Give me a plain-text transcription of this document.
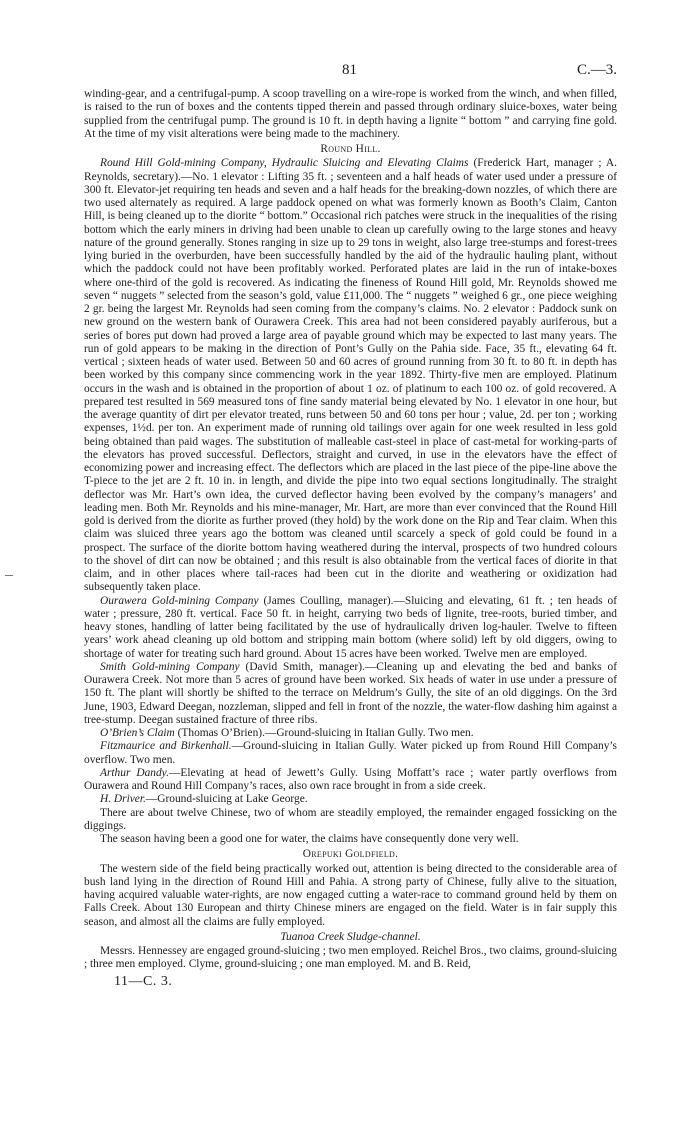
81	C.—3.

winding-gear, and a centrifugal-pump. A scoop travelling on a wire-rope is worked from the winch, and when filled, is raised to the run of boxes and the contents tipped therein and passed through ordinary sluice-boxes, water being supplied from the centrifugal pump. The ground is 10 ft. in depth having a lignite “ bottom ” and carrying fine gold. At the time of my visit alterations were being made to the machinery.

Round Hill.

Round Hill Gold-mining Company, Hydraulic Sluicing and Elevating Claims (Frederick Hart, manager ; A. Reynolds, secretary).—No. 1 elevator : Lifting 35 ft. ; seventeen and a half heads of water used under a pressure of 300 ft. Elevator-jet requiring ten heads and seven and a half heads for the breaking-down nozzles, of which there are two used alternately as required. A large paddock opened on what was formerly known as Booth’s Claim, Canton Hill, is being cleaned up to the diorite “ bottom.” Occasional rich patches were struck in the inequalities of the rising bottom which the early miners in driving had been unable to clean up carefully owing to the large stones and heavy nature of the ground generally. Stones ranging in size up to 29 tons in weight, also large tree-stumps and forest-trees lying buried in the overburden, have been successfully handled by the aid of the hydraulic hauling plant, without which the paddock could not have been profitably worked. Perforated plates are laid in the run of intake-boxes where one-third of the gold is recovered. As indicating the fineness of Round Hill gold, Mr. Reynolds showed me seven “ nuggets ” selected from the season’s gold, value £11,000. The “ nuggets ” weighed 6 gr., one piece weighing 2 gr. being the largest Mr. Reynolds had seen coming from the company’s claims. No. 2 elevator : Paddock sunk on new ground on the western bank of Ourawera Creek. This area had not been considered payably auriferous, but a series of bores put down had proved a large area of payable ground which may be expected to last many years. The run of gold appears to be making in the direction of Pont’s Gully on the Pahia side. Face, 35 ft., elevating 64 ft. vertical ; sixteen heads of water used. Between 50 and 60 acres of ground running from 30 ft. to 80 ft. in depth has been worked by this company since commencing work in the year 1892. Thirty-five men are employed. Platinum occurs in the wash and is obtained in the proportion of about 1 oz. of platinum to each 100 oz. of gold recovered. A prepared test resulted in 569 measured tons of fine sandy material being elevated by No. 1 elevator in one hour, but the average quantity of dirt per elevator treated, runs between 50 and 60 tons per hour ; value, 2d. per ton ; working expenses, 1½d. per ton. An experiment made of running old tailings over again for one week resulted in less gold being obtained than paid wages. The substitution of malleable cast-steel in place of cast-metal for working-parts of the elevators has proved successful. Deflectors, straight and curved, in use in the elevators have the effect of economizing power and increasing effect. The deflectors which are placed in the last piece of the pipe-line above the T-piece to the jet are 2 ft. 10 in. in length, and divide the pipe into two equal sections longitudinally. The straight deflector was Mr. Hart’s own idea, the curved deflector having been evolved by the company’s managers’ and leading men. Both Mr. Reynolds and his mine-manager, Mr. Hart, are more than ever convinced that the Round Hill gold is derived from the diorite as further proved (they hold) by the work done on the Rip and Tear claim. When this claim was sluiced three years ago the bottom was cleaned until scarcely a speck of gold could be found in a prospect. The surface of the diorite bottom having weathered during the interval, prospects of two hundred colours to the shovel of dirt can now be obtained ; and this result is also obtainable from the vertical faces of diorite in that claim, and in other places where tail-races had been cut in the diorite and weathering or oxidization had subsequently taken place.

Ourawera Gold-mining Company (James Coulling, manager).—Sluicing and elevating, 61 ft. ; ten heads of water ; pressure, 280 ft. vertical. Face 50 ft. in height, carrying two beds of lignite, tree-roots, buried timber, and heavy stones, handling of latter being facilitated by the use of hydraulically driven log-hauler. Twelve to fifteen years’ work ahead cleaning up old bottom and stripping main bottom (where solid) left by old diggers, owing to shortage of water for treating such hard ground. About 15 acres have been worked. Twelve men are employed.

Smith Gold-mining Company (David Smith, manager).—Cleaning up and elevating the bed and banks of Ourawera Creek. Not more than 5 acres of ground have been worked. Six heads of water in use under a pressure of 150 ft. The plant will shortly be shifted to the terrace on Meldrum’s Gully, the site of an old diggings. On the 3rd June, 1903, Edward Deegan, nozzleman, slipped and fell in front of the nozzle, the water-flow dashing him against a tree-stump. Deegan sustained fracture of three ribs.

O’Brien’s Claim (Thomas O’Brien).—Ground-sluicing in Italian Gully. Two men.

Fitzmaurice and Birkenhall.—Ground-sluicing in Italian Gully. Water picked up from Round Hill Company’s overflow. Two men.

Arthur Dandy.—Elevating at head of Jewett’s Gully. Using Moffatt’s race ; water partly overflows from Ourawera and Round Hill Company’s races, also own race brought in from a side creek.

H. Driver.—Ground-sluicing at Lake George.

There are about twelve Chinese, two of whom are steadily employed, the remainder engaged fossicking on the diggings.

The season having been a good one for water, the claims have consequently done very well.

Orepuki Goldfield.

The western side of the field being practically worked out, attention is being directed to the considerable area of bush land lying in the direction of Round Hill and Pahia. A strong party of Chinese, fully alive to the situation, having acquired valuable water-rights, are now engaged cutting a water-race to command ground held by them on Falls Creek. About 130 European and thirty Chinese miners are engaged on the field. Water is in fair supply this season, and almost all the claims are fully employed.

Tuanoa Creek Sludge-channel.

Messrs. Hennessey are engaged ground-sluicing ; two men employed. Reichel Bros., two claims, ground-sluicing ; three men employed. Clyme, ground-sluicing ; one man employed. M. and B. Reid,

11—C. 3.
